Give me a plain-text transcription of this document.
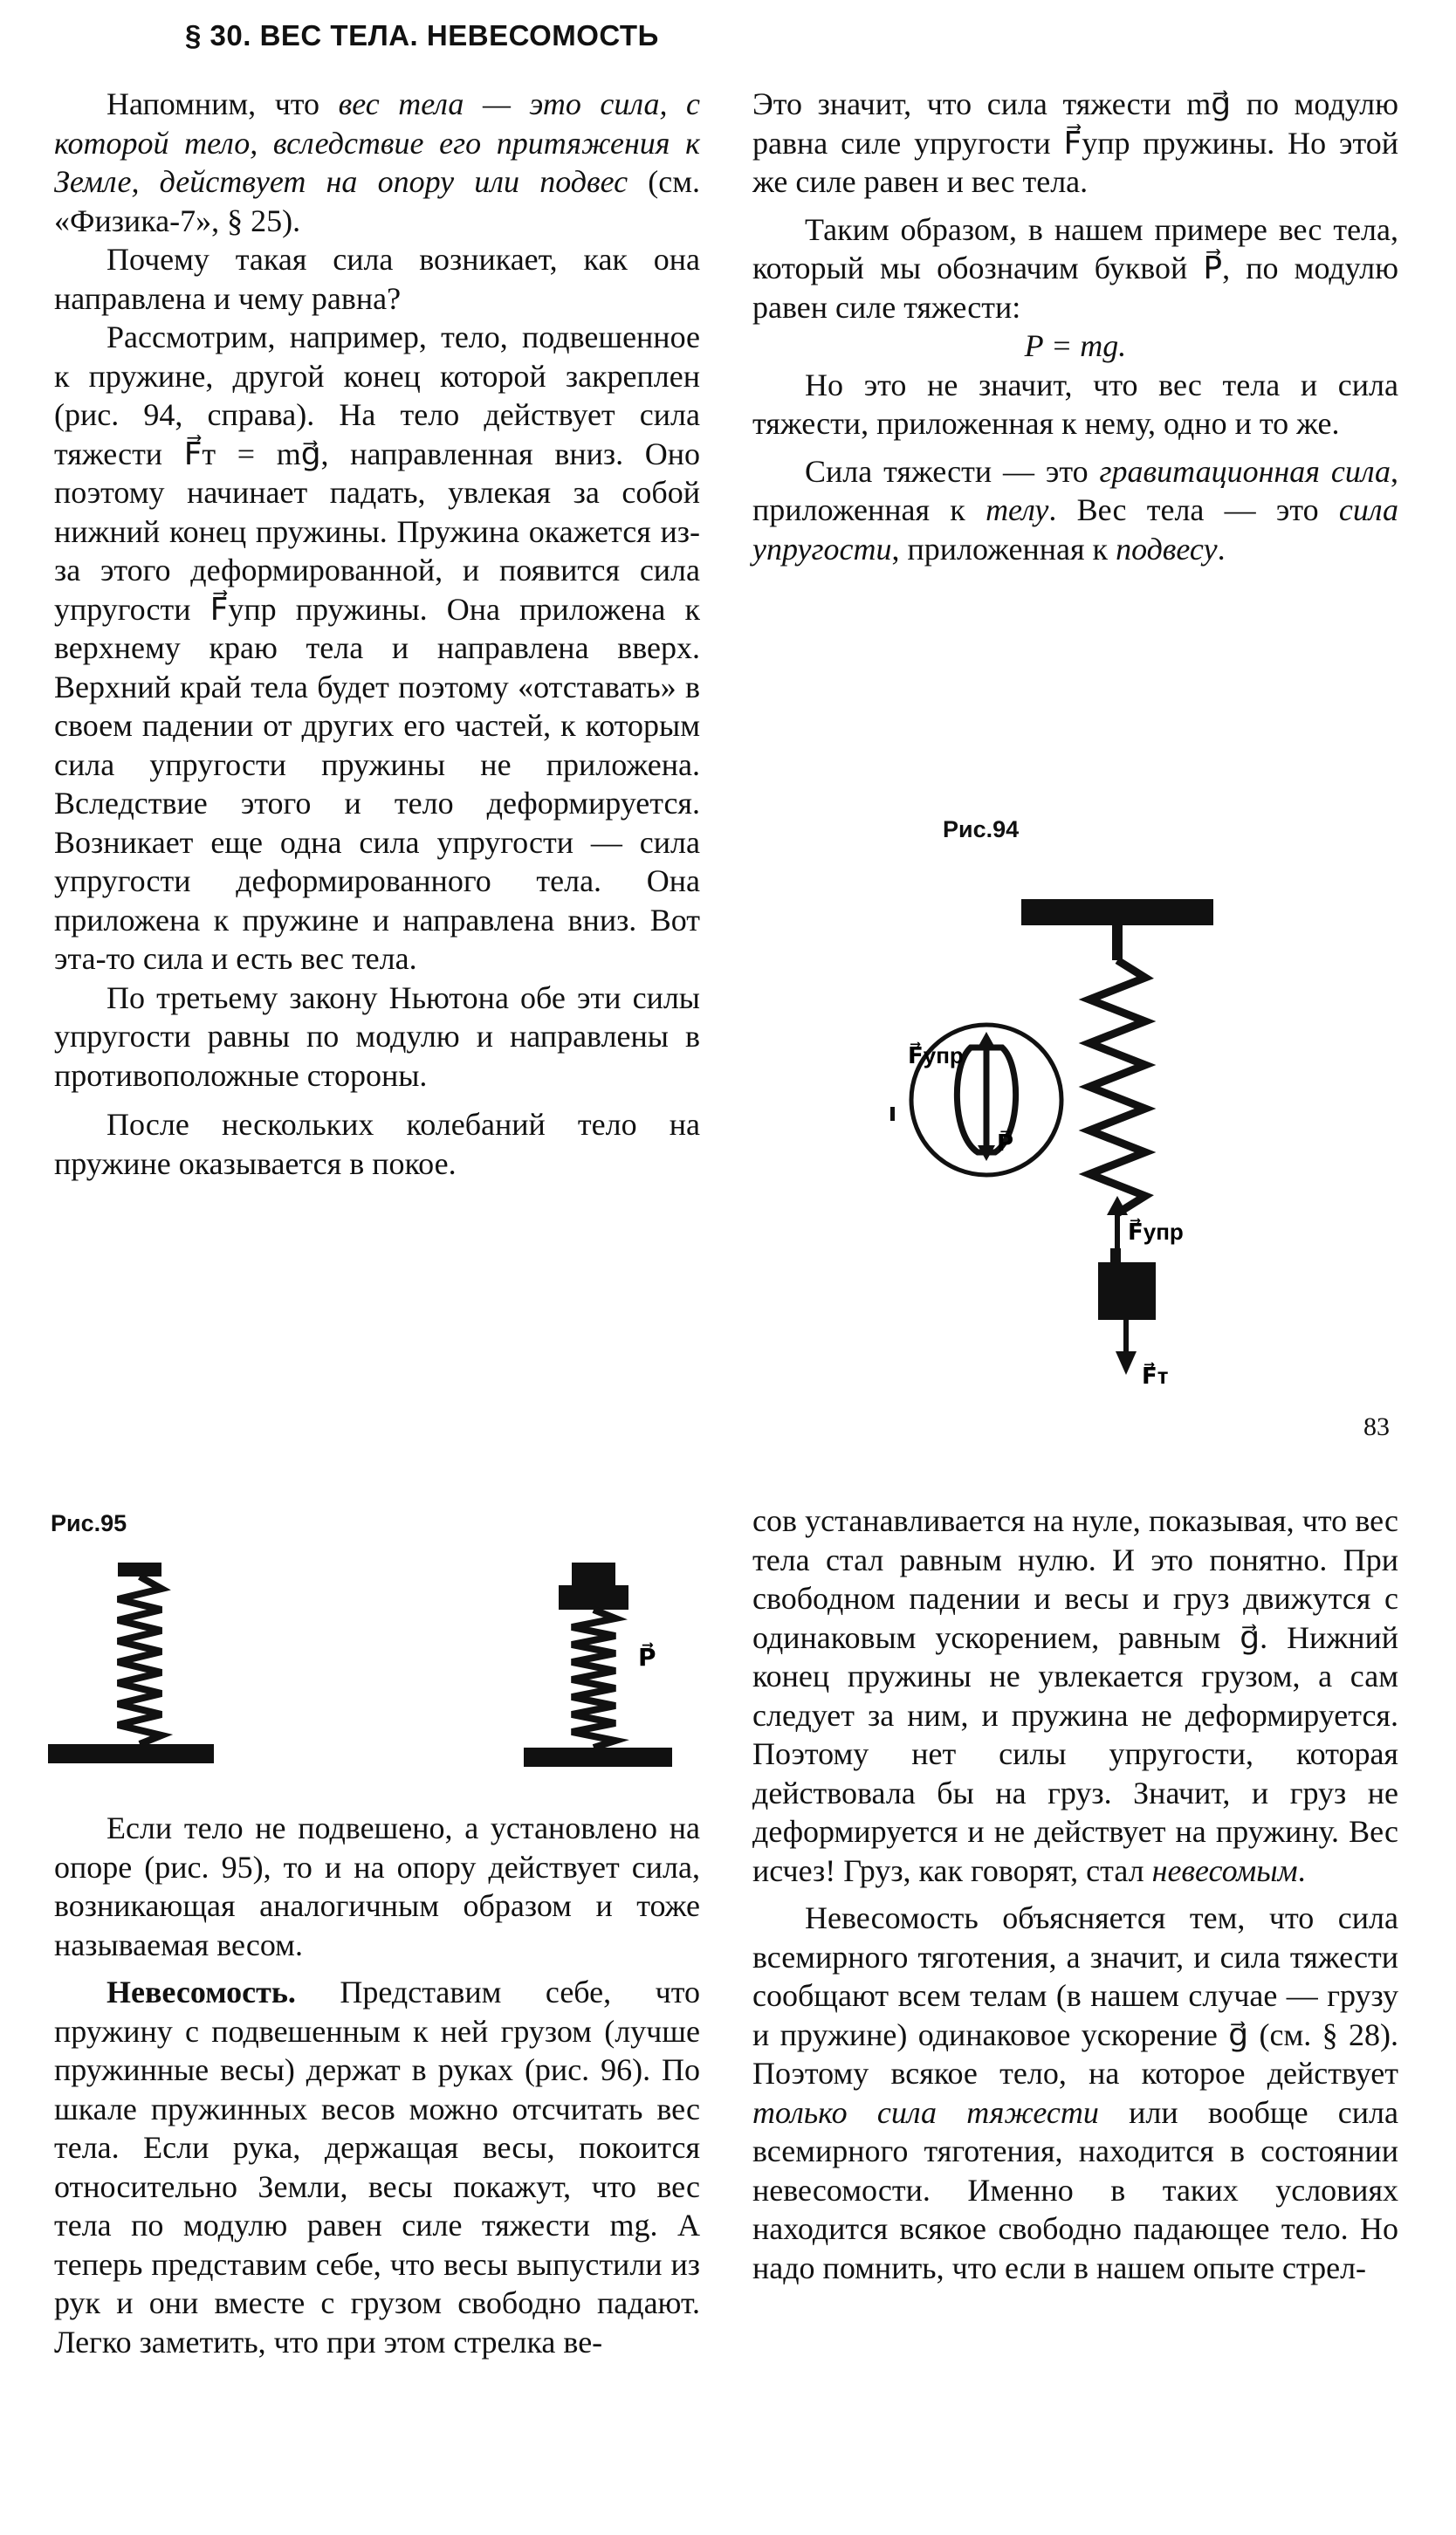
§ 30. ВЕС ТЕЛА. НЕВЕСОМОСТЬ

Напомним, что вес тела — это сила, с которой тело, вследствие его притяжения к Земле, действует на опору или подвес (см. «Физика-7», § 25).

Почему такая сила возникает, как она направлена и чему равна?

Рассмотрим, например, тело, подвешенное к пружине, другой конец которой закреплен (рис. 94, справа). На тело действует сила тяжести F⃗т = mg⃗, направленная вниз. Оно поэтому начинает падать, увлекая за собой нижний конец пружины. Пружина окажется из-за этого деформированной, и появится сила упругости F⃗упр пружины. Она приложена к верхнему краю тела и направлена вверх. Верхний край тела будет поэтому «отставать» в своем падении от других его частей, к которым сила упругости пружины не приложена. Вследствие этого и тело деформируется. Возникает еще одна сила упругости — сила упругости деформированного тела. Она приложена к пружине и направлена вниз. Вот эта-то сила и есть вес тела.

По третьему закону Ньютона обе эти силы упругости равны по модулю и направлены в противоположные стороны.

После нескольких колебаний тело на пружине оказывается в покое.

Это значит, что сила тяжести mg⃗ по модулю равна силе упругости F⃗упр пружины. Но этой же силе равен и вес тела.

Таким образом, в нашем примере вес тела, который мы обозначим буквой P⃗, по модулю равен силе тяжести:

P = mg.

Но это не значит, что вес тела и сила тяжести, приложенная к нему, одно и то же.

Сила тяжести — это гравитационная сила, приложенная к телу. Вес тела — это сила упругости, приложенная к подвесу.

Рис.94
F⃗упр
F⃗т
F⃗упр
P⃗
83
Рис.95
P⃗

Если тело не подвешено, а установлено на опоре (рис. 95), то и на опору действует сила, возникающая аналогичным образом и тоже называемая весом.

Невесомость. Представим себе, что пружину с подвешенным к ней грузом (лучше пружинные весы) держат в руках (рис. 96). По шкале пружинных весов можно отсчитать вес тела. Если рука, держащая весы, покоится относительно Земли, весы покажут, что вес тела по модулю равен силе тяжести mg. А теперь представим себе, что весы выпустили из рук и они вместе с грузом свободно падают. Легко заметить, что при этом стрелка ве-

сов устанавливается на нуле, показывая, что вес тела стал равным нулю. И это понятно. При свободном падении и весы и груз движутся с одинаковым ускорением, равным g⃗. Нижний конец пружины не увлекается грузом, а сам следует за ним, и пружина не деформируется. Поэтому нет силы упругости, которая действовала бы на груз. Значит, и груз не деформируется и не действует на пружину. Вес исчез! Груз, как говорят, стал невесомым.

Невесомость объясняется тем, что сила всемирного тяготения, а значит, и сила тяжести сообщают всем телам (в нашем случае — грузу и пружине) одинаковое ускорение g⃗ (см. § 28). Поэтому всякое тело, на которое действует только сила тяжести или вообще сила всемирного тяготения, находится в состоянии невесомости. Именно в таких условиях находится всякое свободно падающее тело. Но надо помнить, что если в нашем опыте стрел-
